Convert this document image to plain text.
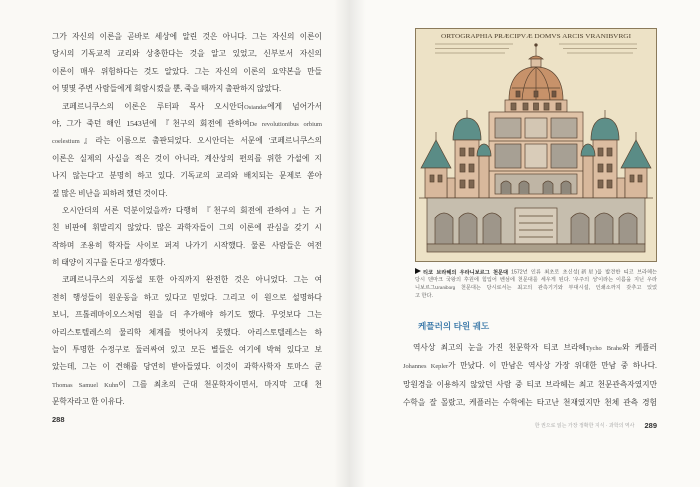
그가 자신의 이론을 곧바로 세상에 알린 것은 아니다. 그는 자신의 이론이
당시의 기독교적 교리와 상충한다는 것을 알고 있었고, 신부로서 자신의
이론이 매우 위험하다는 것도 알았다. 그는 자신의 이론의 요약본을 만들
어 몇몇 주변 사람들에게 회람시켰을 뿐, 죽을 때까지 출판하지 않았다.
코페르니쿠스의 이론은 루터파 목사 오시안더Osiander에게 넘어가서
야, 그가 죽던 해인 1543년에 『천구의 회전에 관하여De revolutionibus orbium
coelestium』라는 이름으로 출판되었다. 오시안더는 서문에 '코페르니쿠스의
이론은 실제의 사실을 적은 것이 아니라, 계산상의 편의를 위한 가설에 지
나지 않는다'고 분명히 하고 있다. 기독교의 교리와 배치되는 문제로 쏟아
질 많은 비난을 피하려 했던 것이다.
오시안더의 서론 덕분이었을까? 다행히 『천구의 회전에 관하여』는 거
친 비판에 휘말리지 않았다. 많은 과학자들이 그의 이론에 관심을 갖기 시
작하며 조용히 학자들 사이로 퍼져 나가기 시작했다. 물론 사람들은 여전
히 태양이 지구를 돈다고 생각했다.
코페르니쿠스의 지동설 또한 아직까지 완전한 것은 아니었다. 그는 여
전히 행성들이 원운동을 하고 있다고 믿었다. 그리고 이 원으로 설명하다
보니, 프톨레마이오스처럼 원을 더 추가해야 하기도 했다. 무엇보다 그는
아리스토텔레스의 물리학 체계를 벗어나지 못했다. 아리스토텔레스는 하
늘이 투명한 수정구로 둘러싸여 있고 모든 별들은 여기에 박혀 있다고 보
았는데, 그는 이 견해를 당연히 받아들였다. 이것이 과학사학자 토마스 쿤
Thomas Samuel Kuhn이 그를 최초의 근대 천문학자이면서, 마지막 고대 천
문학자라고 한 이유다.
288
ORTOGRAPHIA PRÆCIPVÆ DOMVS ARCIS VRANIBVRGI
티코 브라헤의 우라니보르그 천문대 1572년 인류 최초로 초신성(新星)을 발견한 티코 브라헤는
당시 덴마크 국왕의 후원에 힘입어 벤섬에 천문대를 세우게 된다. '우주의 성'이라는 이름을 지닌 우라
니보르그Uraniborg 천문대는 당시로서는 최고의 관측기기와 부대시설, 인쇄소까지 갖추고 있었
고 한다.
케플러의 타원 궤도
역사상 최고의 눈을 가진 천문학자 티코 브라헤Tycho Brahe와 케플러
Johannes Kepler가 만났다. 이 만남은 역사상 가장 위대한 만남 중 하나다.
망원경을 이용하지 않았던 사람 중 티코 브라헤는 최고 천문관측자였지만
수학을 잘 몰랐고, 케플러는 수학에는 타고난 천재였지만 천체 관측 경험
한 권으로 읽는 가장 정확한 지식 · 과학의 역사 289
